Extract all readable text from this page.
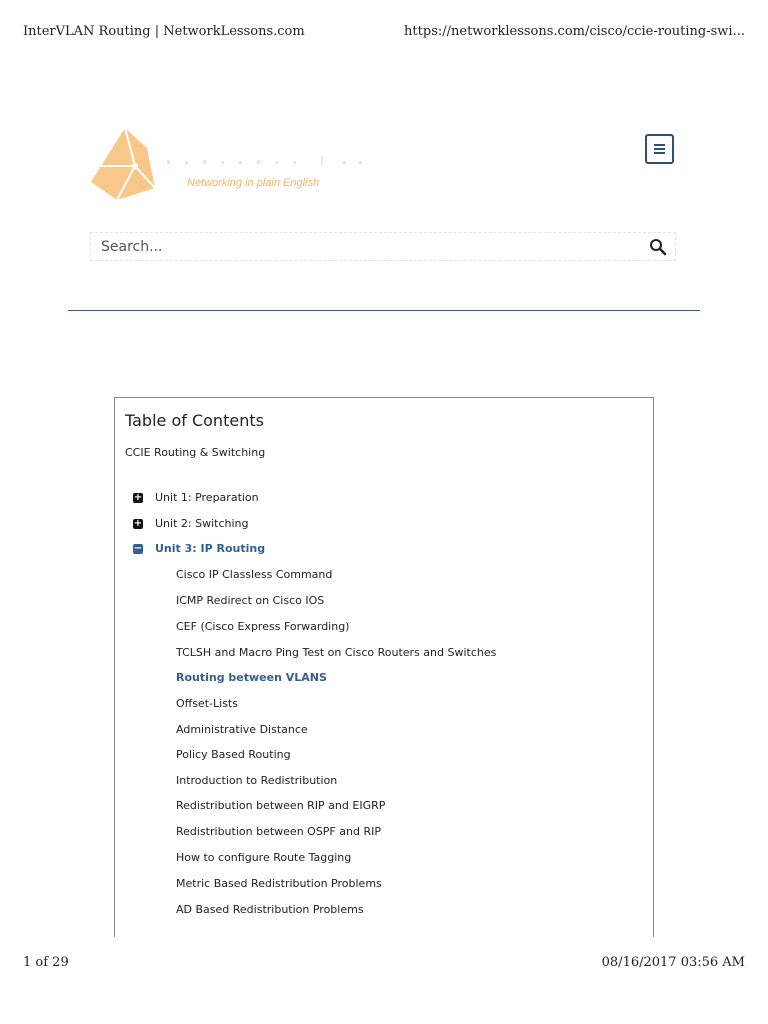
InterVLAN Routing | NetworkLessons.com	https://networklessons.com/cisco/ccie-routing-swi...
Networking in plain English
Search...
Table of Contents
CCIE Routing & Switching
+ Unit 1: Preparation
+ Unit 2: Switching
− Unit 3: IP Routing
Cisco IP Classless Command
ICMP Redirect on Cisco IOS
CEF (Cisco Express Forwarding)
TCLSH and Macro Ping Test on Cisco Routers and Switches
Routing between VLANS
Offset-Lists
Administrative Distance
Policy Based Routing
Introduction to Redistribution
Redistribution between RIP and EIGRP
Redistribution between OSPF and RIP
How to configure Route Tagging
Metric Based Redistribution Problems
AD Based Redistribution Problems
1 of 29	08/16/2017 03:56 AM
